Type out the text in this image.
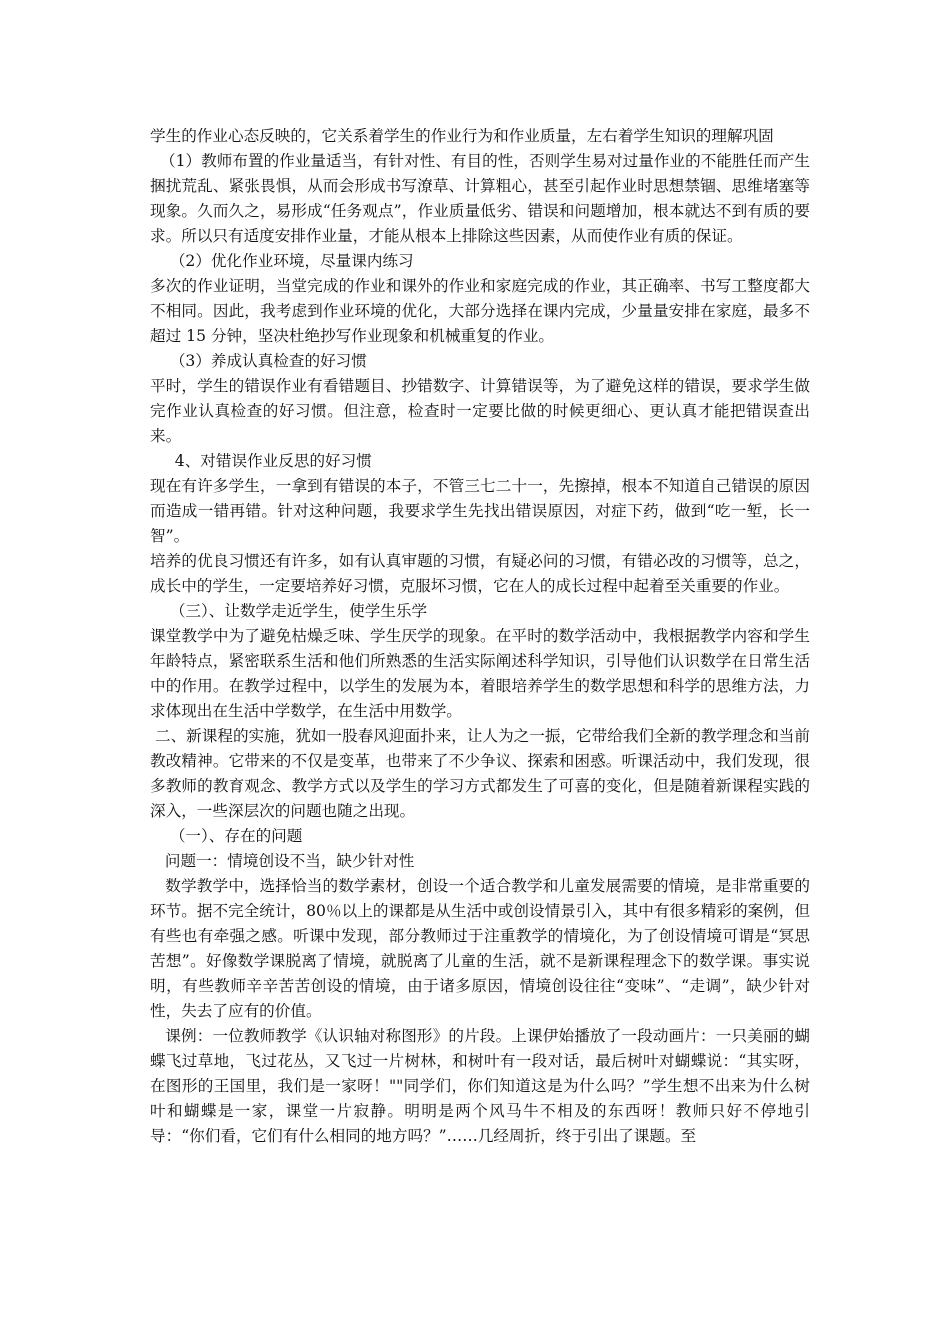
学生的作业心态反映的，它关系着学生的作业行为和作业质量，左右着学生知识的理解巩固

（1）教师布置的作业量适当，有针对性、有目的性，否则学生易对过量作业的不能胜任而产生捆扰荒乱、紧张畏惧，从而会形成书写潦草、计算粗心，甚至引起作业时思想禁锢、思维堵塞等现象。久而久之，易形成“任务观点”，作业质量低劣、错误和问题增加，根本就达不到有质的要求。所以只有适度安排作业量，才能从根本上排除这些因素，从而使作业有质的保证。

（2）优化作业环境，尽量课内练习

多次的作业证明，当堂完成的作业和课外的作业和家庭完成的作业，其正确率、书写工整度都大不相同。因此，我考虑到作业环境的优化，大部分选择在课内完成，少量量安排在家庭，最多不超过 15 分钟，坚决杜绝抄写作业现象和机械重复的作业。

（3）养成认真检查的好习惯

平时，学生的错误作业有看错题目、抄错数字、计算错误等，为了避免这样的错误，要求学生做完作业认真检查的好习惯。但注意，检查时一定要比做的时候更细心、更认真才能把错误查出来。

4、对错误作业反思的好习惯

现在有许多学生，一拿到有错误的本子，不管三七二十一，先擦掉，根本不知道自己错误的原因而造成一错再错。针对这种问题，我要求学生先找出错误原因，对症下药，做到“吃一堑，长一智”。

培养的优良习惯还有许多，如有认真审题的习惯，有疑必问的习惯，有错必改的习惯等，总之，成长中的学生，一定要培养好习惯，克服坏习惯，它在人的成长过程中起着至关重要的作业。

（三）、让数学走近学生，使学生乐学

课堂教学中为了避免枯燥乏味、学生厌学的现象。在平时的数学活动中，我根据教学内容和学生年龄特点，紧密联系生活和他们所熟悉的生活实际阐述科学知识，引导他们认识数学在日常生活中的作用。在教学过程中，以学生的发展为本，着眼培养学生的数学思想和科学的思维方法，力求体现出在生活中学数学，在生活中用数学。

二、新课程的实施，犹如一股春风迎面扑来，让人为之一振，它带给我们全新的教学理念和当前教改精神。它带来的不仅是变革，也带来了不少争议、探索和困惑。听课活动中，我们发现，很多教师的教育观念、教学方式以及学生的学习方式都发生了可喜的变化，但是随着新课程实践的深入，一些深层次的问题也随之出现。

（一）、存在的问题

问题一：情境创设不当，缺少针对性

数学教学中，选择恰当的数学素材，创设一个适合教学和儿童发展需要的情境，是非常重要的环节。据不完全统计，80％以上的课都是从生活中或创设情景引入，其中有很多精彩的案例，但有些也有牵强之感。听课中发现，部分教师过于注重教学的情境化，为了创设情境可谓是“冥思苦想”。好像数学课脱离了情境，就脱离了儿童的生活，就不是新课程理念下的数学课。事实说明，有些教师辛辛苦苦创设的情境，由于诸多原因，情境创设往往“变味”、“走调”，缺少针对性，失去了应有的价值。

课例：一位教师教学《认识轴对称图形》的片段。上课伊始播放了一段动画片：一只美丽的蝴蝶飞过草地，飞过花丛，又飞过一片树林，和树叶有一段对话，最后树叶对蝴蝶说：“其实呀，在图形的王国里，我们是一家呀！""同学们，你们知道这是为什么吗？”学生想不出来为什么树叶和蝴蝶是一家，课堂一片寂静。明明是两个风马牛不相及的东西呀！教师只好不停地引导：“你们看，它们有什么相同的地方吗？”……几经周折，终于引出了课题。至
